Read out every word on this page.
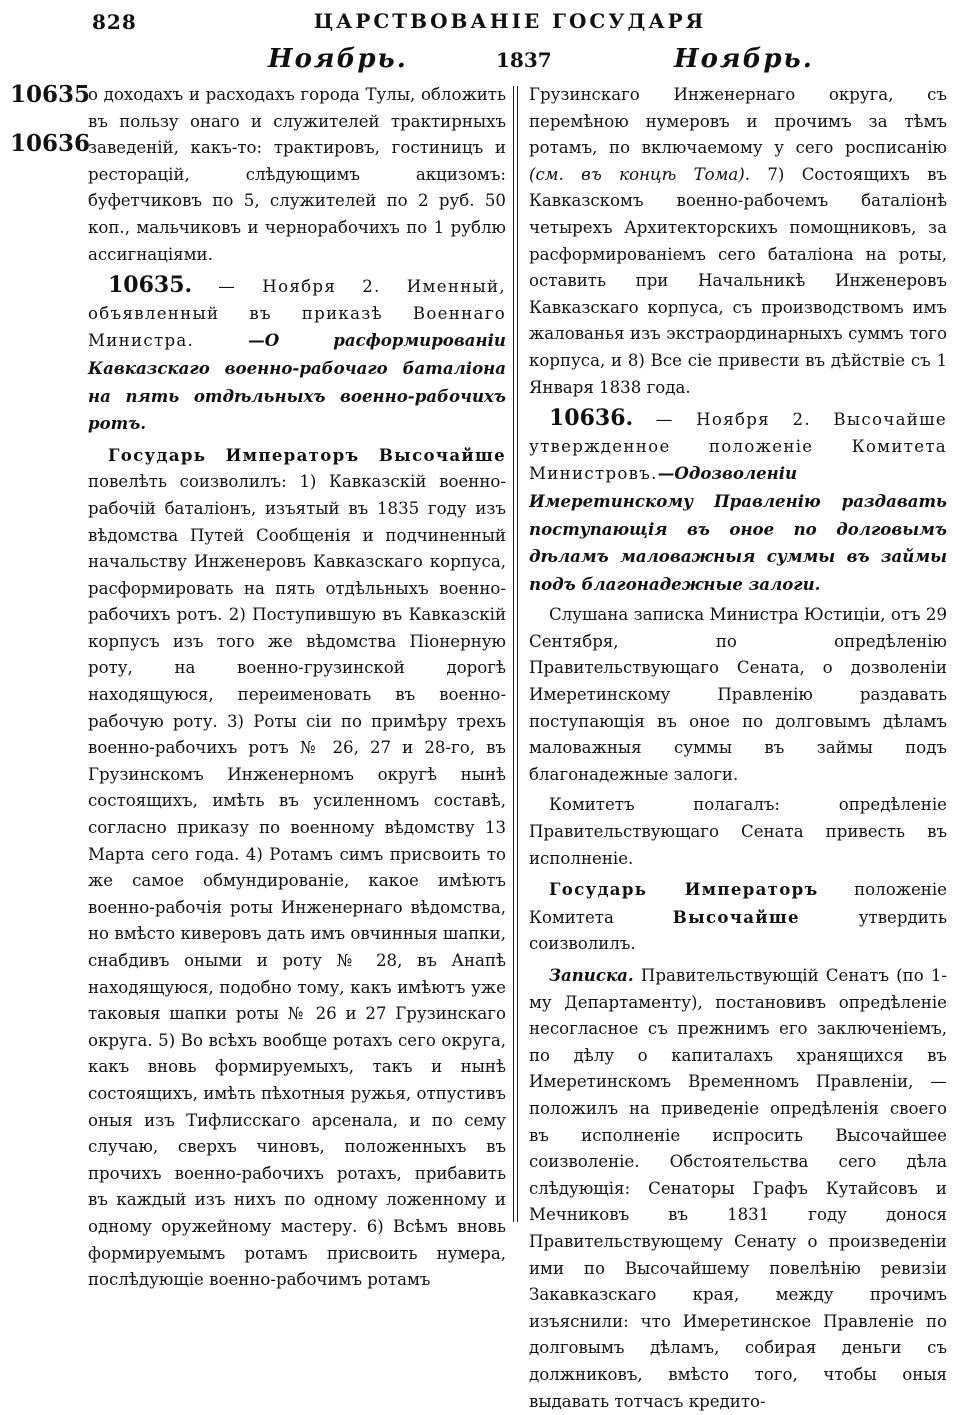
828	ЦАРСТВОВАНІЕ ГОСУДАРЯ
Ноябрь.	1837	Ноябрь.
10635
10636

о доходахъ и расходахъ города Тулы, обложить въ пользу онаго и служителей трактирныхъ заведеній, какъ-то: трактировъ, гостиницъ и ресторацій, слѣдующимъ акцизомъ: буфетчиковъ по 5, служителей по 2 руб. 50 коп., мальчиковъ и чернорабочихъ по 1 рублю ассигнаціями.

10635. — Ноября 2. Именный, объявленный въ приказѣ Военнаго Министра. —О расформированіи Кавказскаго военно-рабочаго баталіона на пять отдѣльныхъ военно-рабочихъ ротъ.

Государь Императоръ Высочайше повелѣть соизволилъ: 1) Кавказскій военно-рабочій баталіонъ, изъятый въ 1835 году изъ вѣдомства Путей Сообщенія и подчиненный начальству Инженеровъ Кавказскаго корпуса, расформировать на пять отдѣльныхъ военно-рабочихъ ротъ. 2) Поступившую въ Кавказскій корпусъ изъ того же вѣдомства Піонерную роту, на военно-грузинской дорогѣ находящуюся, переименовать въ военно-рабочую роту. 3) Роты сіи по примѣру трехъ военно-рабочихъ ротъ № 26, 27 и 28-го, въ Грузинскомъ Инженерномъ округѣ нынѣ состоящихъ, имѣть въ усиленномъ составѣ, согласно приказу по военному вѣдомству 13 Марта сего года. 4) Ротамъ симъ присвоить то же самое обмундированіе, какое имѣютъ военно-рабочія роты Инженернаго вѣдомства, но вмѣсто киверовъ дать имъ овчинныя шапки, снабдивъ оными и роту № 28, въ Анапѣ находящуюся, подобно тому, какъ имѣютъ уже таковыя шапки роты № 26 и 27 Грузинскаго округа. 5) Во всѣхъ вообще ротахъ сего округа, какъ вновь формируемыхъ, такъ и нынѣ состоящихъ, имѣть пѣхотныя ружья, отпустивъ оныя изъ Тифлисскаго арсенала, и по сему случаю, сверхъ чиновъ, положенныхъ въ прочихъ военно-рабочихъ ротахъ, прибавить въ каждый изъ нихъ по одному ложенному и одному оружейному мастеру. 6) Всѣмъ вновь формируемымъ ротамъ присвоить нумера, послѣдующіе военно-рабочимъ ротамъ

Грузинскаго Инженернаго округа, съ перемѣною нумеровъ и прочимъ за тѣмъ ротамъ, по включаемому у сего росписанію (см. въ концѣ Тома). 7) Состоящихъ въ Кавказскомъ военно-рабочемъ баталіонѣ четырехъ Архитекторскихъ помощниковъ, за расформированіемъ сего баталіона на роты, оставить при Начальникѣ Инженеровъ Кавказскаго корпуса, съ производствомъ имъ жалованья изъ экстраординарныхъ суммъ того корпуса, и 8) Все сіе привести въ дѣйствіе съ 1 Января 1838 года.

10636. — Ноября 2. Высочайше утвержденное положеніе Комитета Министровъ.—Одозволеніи Имеретинскому Правленію раздавать поступающія въ оное по долговымъ дѣламъ маловажныя суммы въ займы подъ благонадежные залоги.

Слушана записка Министра Юстиціи, отъ 29 Сентября, по опредѣленію Правительствующаго Сената, о дозволеніи Имеретинскому Правленію раздавать поступающія въ оное по долговымъ дѣламъ маловажныя суммы въ займы подъ благонадежные залоги.

Комитетъ полагалъ: опредѣленіе Правительствующаго Сената привесть въ исполненіе.

Государь Императоръ положеніе Комитета Высочайше утвердить соизволилъ.

Записка. Правительствующій Сенатъ (по 1-му Департаменту), постановивъ опредѣленіе несогласное съ прежнимъ его заключеніемъ, по дѣлу о капиталахъ хранящихся въ Имеретинскомъ Временномъ Правленіи, — положилъ на приведеніе опредѣленія своего въ исполненіе испросить Высочайшее соизволеніе. Обстоятельства сего дѣла слѣдующія: Сенаторы Графъ Кутайсовъ и Мечниковъ въ 1831 году донося Правительствующему Сенату о произведеніи ими по Высочайшему повелѣнію ревизіи Закавказскаго края, между прочимъ изъяснили: что Имеретинское Правленіе по долговымъ дѣламъ, собирая деньги съ должниковъ, вмѣсто того, чтобы оныя выдавать тотчасъ кредито-
